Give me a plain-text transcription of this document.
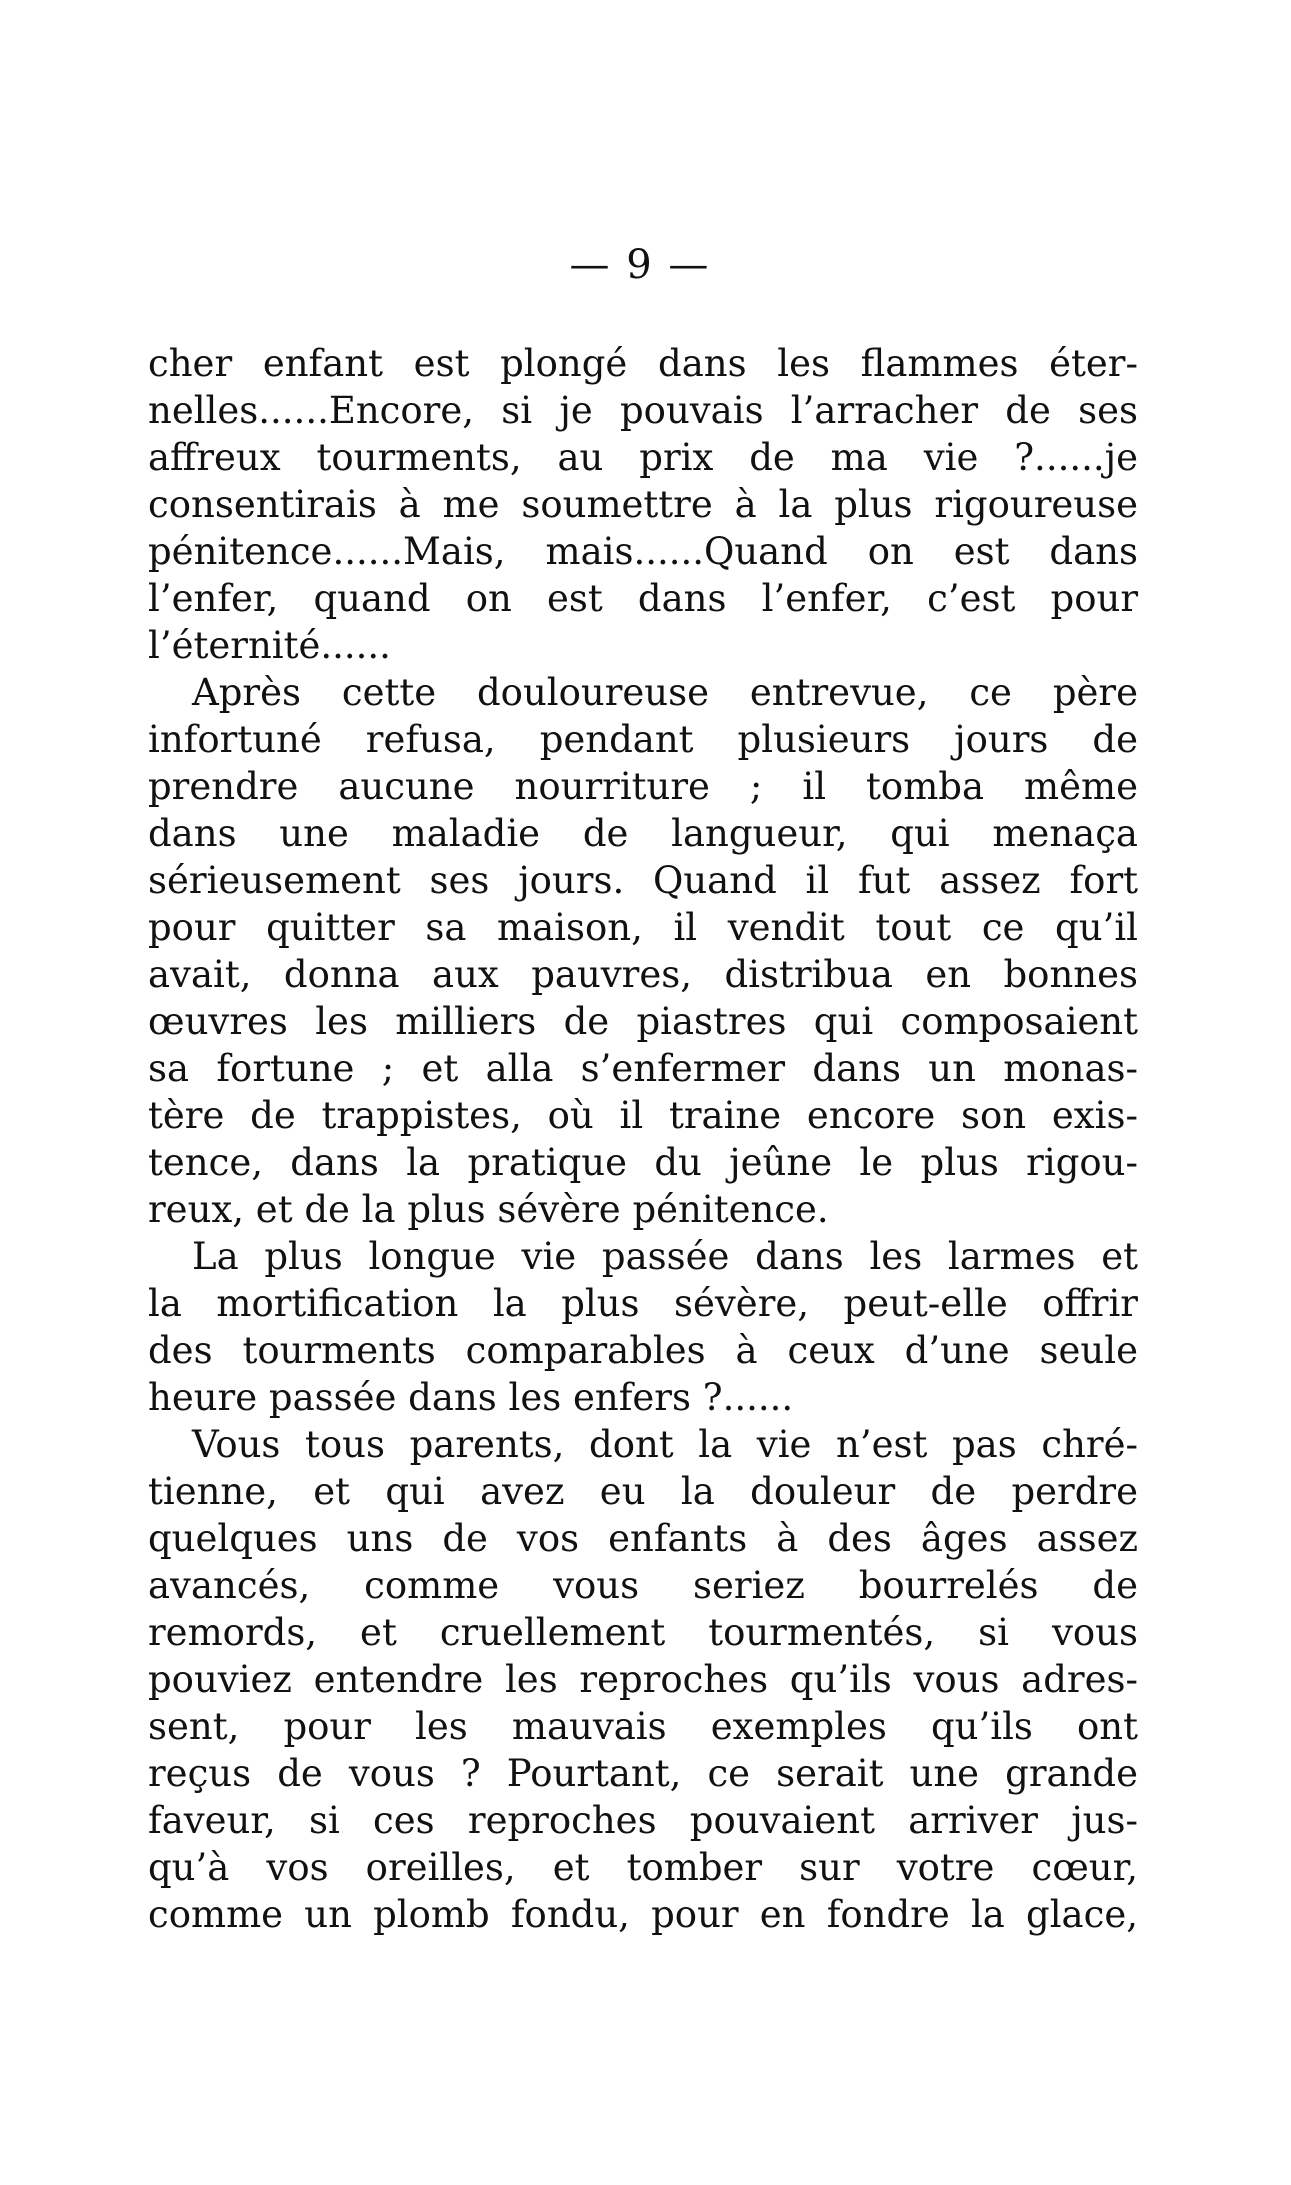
— 9 —
cher enfant est plongé dans les flammes éter-
nelles......Encore, si je pouvais l’arracher de ses
affreux tourments, au prix de ma vie ?......je
consentirais à me soumettre à la plus rigoureuse
pénitence......Mais, mais......Quand on est dans
l’enfer, quand on est dans l’enfer, c’est pour
l’éternité......
Après cette douloureuse entrevue, ce père
infortuné refusa, pendant plusieurs jours de
prendre aucune nourriture ; il tomba même
dans une maladie de langueur, qui menaça
sérieusement ses jours. Quand il fut assez fort
pour quitter sa maison, il vendit tout ce qu’il
avait, donna aux pauvres, distribua en bonnes
œuvres les milliers de piastres qui composaient
sa fortune ; et alla s’enfermer dans un monas-
tère de trappistes, où il traine encore son exis-
tence, dans la pratique du jeûne le plus rigou-
reux, et de la plus sévère pénitence.
La plus longue vie passée dans les larmes et
la mortification la plus sévère, peut-elle offrir
des tourments comparables à ceux d’une seule
heure passée dans les enfers ?......
Vous tous parents, dont la vie n’est pas chré-
tienne, et qui avez eu la douleur de perdre
quelques uns de vos enfants à des âges assez
avancés, comme vous seriez bourrelés de
remords, et cruellement tourmentés, si vous
pouviez entendre les reproches qu’ils vous adres-
sent, pour les mauvais exemples qu’ils ont
reçus de vous ? Pourtant, ce serait une grande
faveur, si ces reproches pouvaient arriver jus-
qu’à vos oreilles, et tomber sur votre cœur,
comme un plomb fondu, pour en fondre la glace,
